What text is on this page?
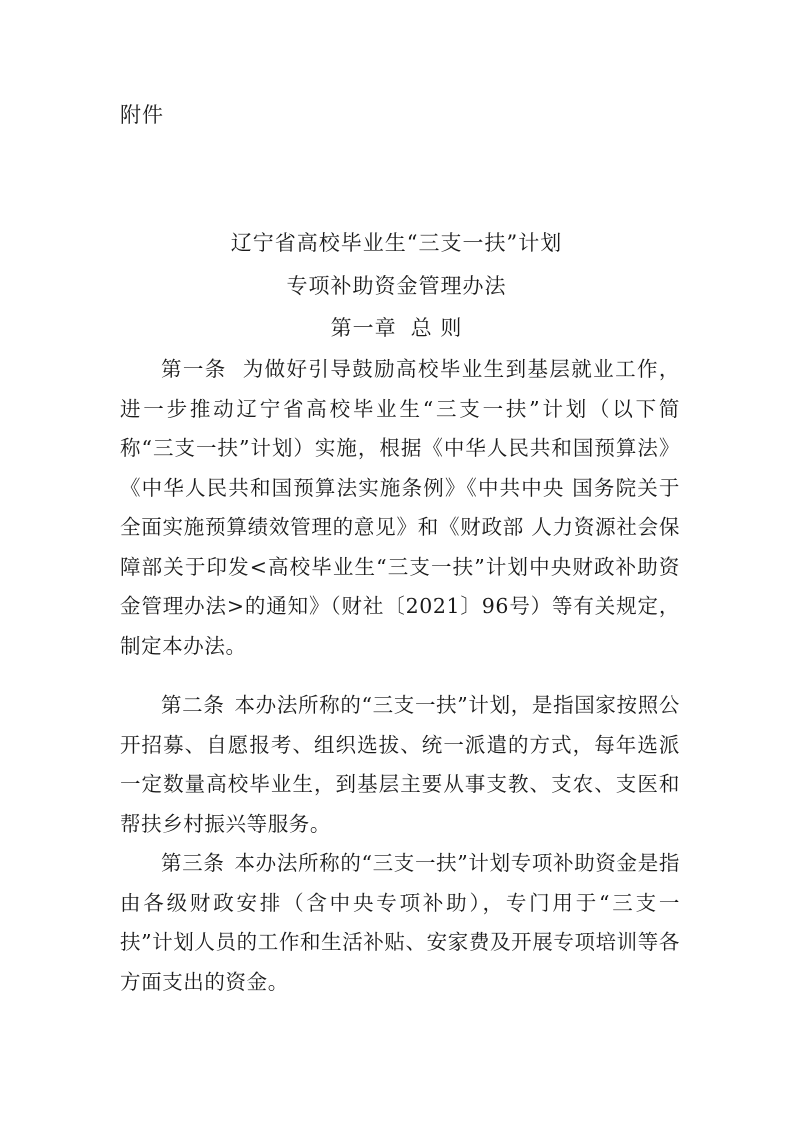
附件
辽宁省高校毕业生“三支一扶”计划
专项补助资金管理办法
第一章 总 则

第一条 为做好引导鼓励高校毕业生到基层就业工作，进一步推动辽宁省高校毕业生“三支一扶”计划（以下简称“三支一扶”计划）实施，根据《中华人民共和国预算法》《中华人民共和国预算法实施条例》《中共中央 国务院关于全面实施预算绩效管理的意见》和《财政部 人力资源社会保障部关于印发<高校毕业生“三支一扶”计划中央财政补助资金管理办法>的通知》（财社〔2021〕96号）等有关规定，制定本办法。

第二条 本办法所称的“三支一扶”计划，是指国家按照公开招募、自愿报考、组织选拔、统一派遣的方式，每年选派一定数量高校毕业生，到基层主要从事支教、支农、支医和帮扶乡村振兴等服务。

第三条 本办法所称的“三支一扶”计划专项补助资金是指由各级财政安排（含中央专项补助），专门用于“三支一扶”计划人员的工作和生活补贴、安家费及开展专项培训等各方面支出的资金。
